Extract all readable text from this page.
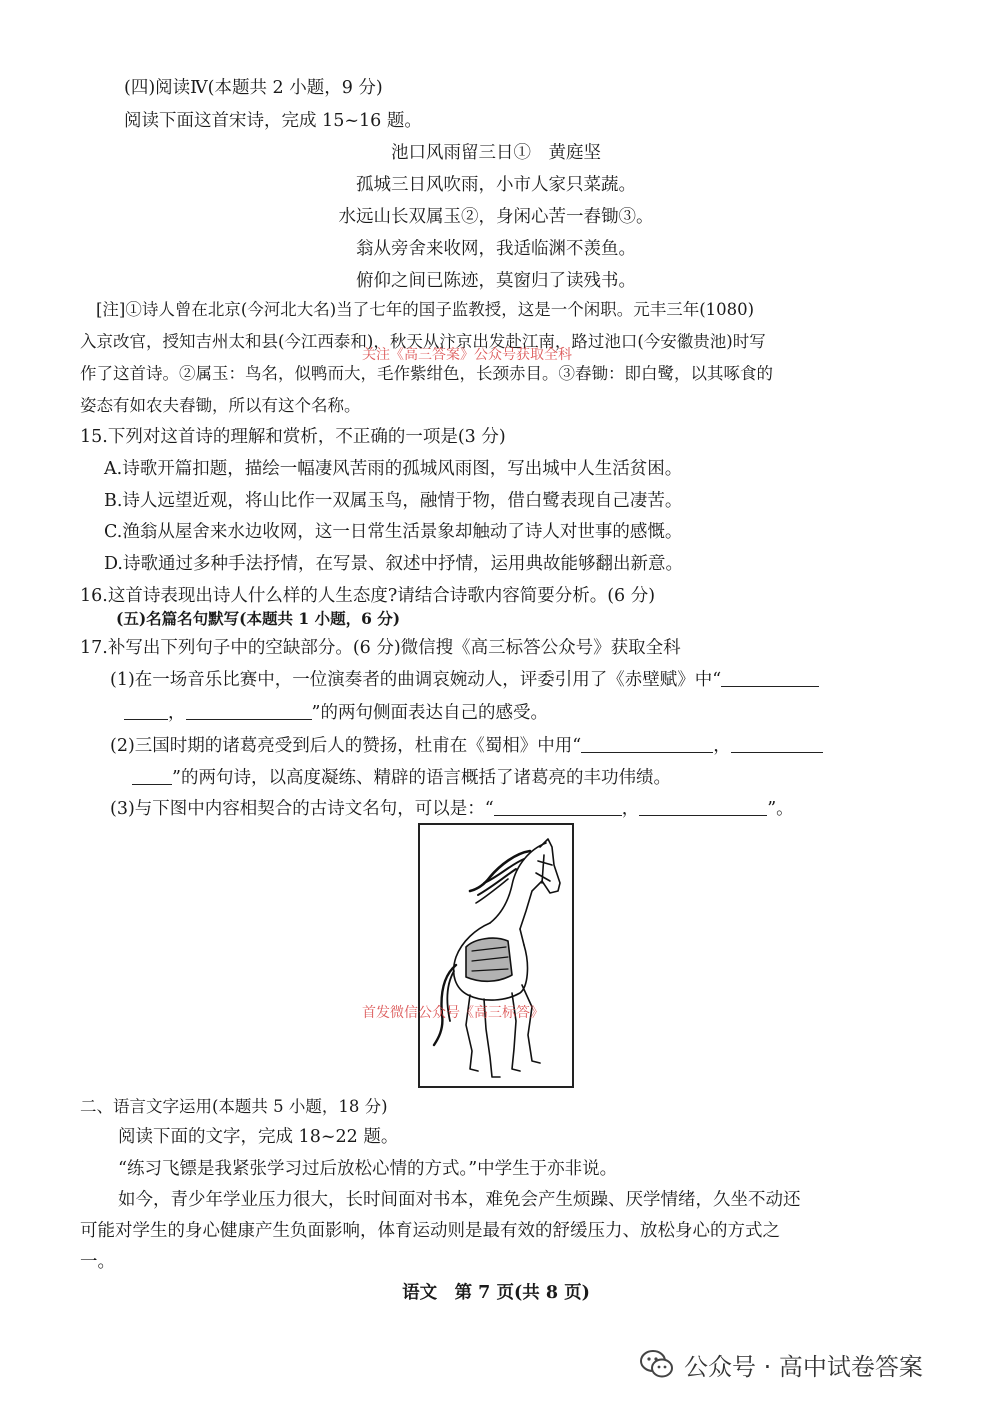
(四)阅读Ⅳ(本题共 2 小题，9 分)
阅读下面这首宋诗，完成 15~16 题。
池口风雨留三日①　黄庭坚
孤城三日风吹雨，小市人家只菜蔬。
水远山长双属玉②，身闲心苦一舂锄③。
翁从旁舍来收网，我适临渊不羡鱼。
俯仰之间已陈迹，莫窗归了读残书。
[注]①诗人曾在北京(今河北大名)当了七年的国子监教授，这是一个闲职。元丰三年(1080)
入京改官，授知吉州太和县(今江西泰和)，秋天从汴京出发赴江南，路过池口(今安徽贵池)时写
作了这首诗。②属玉：鸟名，似鸭而大，毛作紫绀色，长颈赤目。③舂锄：即白鹭，以其啄食的
姿态有如农夫舂锄，所以有这个名称。
关注《高三答案》公众号获取全科
15.下列对这首诗的理解和赏析，不正确的一项是(3 分)
A.诗歌开篇扣题，描绘一幅凄风苦雨的孤城风雨图，写出城中人生活贫困。
B.诗人远望近观，将山比作一双属玉鸟，融情于物，借白鹭表现自己凄苦。
C.渔翁从屋舍来水边收网，这一日常生活景象却触动了诗人对世事的感慨。
D.诗歌通过多种手法抒情，在写景、叙述中抒情，运用典故能够翻出新意。
16.这首诗表现出诗人什么样的人生态度?请结合诗歌内容简要分析。(6 分)
(五)名篇名句默写(本题共 1 小题，6 分)
17.补写出下列句子中的空缺部分。(6 分)微信搜《高三标答公众号》获取全科
(1)在一场音乐比赛中，一位演奏者的曲调哀婉动人，评委引用了《赤壁赋》中“
，	”的两句侧面表达自己的感受。
(2)三国时期的诸葛亮受到后人的赞扬，杜甫在《蜀相》中用“	，
”的两句诗，以高度凝练、精辟的语言概括了诸葛亮的丰功伟绩。
(3)与下图中内容相契合的古诗文名句，可以是：“	，	”。
首发微信公众号《高三标答》
二、语言文字运用(本题共 5 小题，18 分)
阅读下面的文字，完成 18~22 题。
“练习飞镖是我紧张学习过后放松心情的方式。”中学生于亦非说。
如今，青少年学业压力很大，长时间面对书本，难免会产生烦躁、厌学情绪，久坐不动还
可能对学生的身心健康产生负面影响，体育运动则是最有效的舒缓压力、放松身心的方式之
一。
语文　第 7 页(共 8 页)
公众号 · 高中试卷答案
